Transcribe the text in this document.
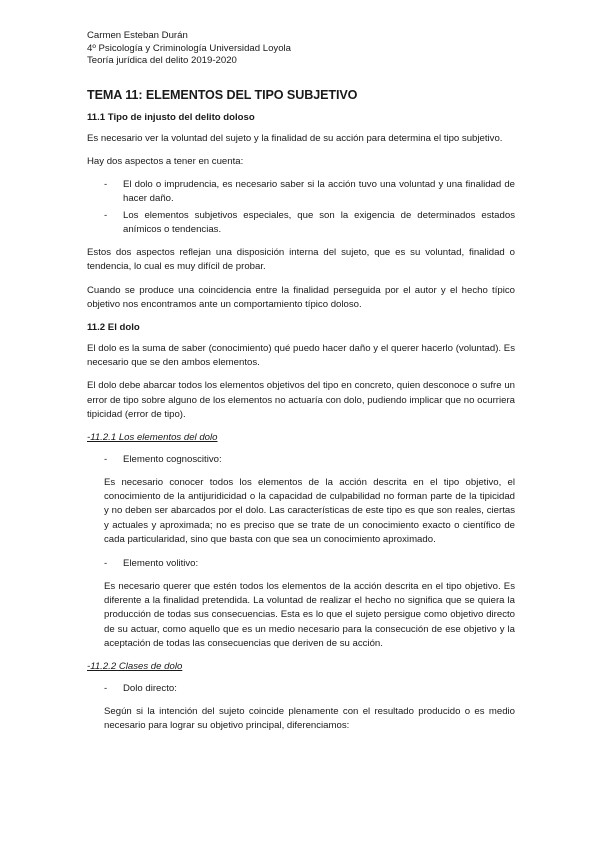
Carmen Esteban Durán
4º Psicología y Criminología Universidad Loyola
Teoría jurídica del delito 2019-2020
TEMA 11: ELEMENTOS DEL TIPO SUBJETIVO
11.1 Tipo de injusto del delito doloso

Es necesario ver la voluntad del sujeto y la finalidad de su acción para determina el tipo subjetivo.

Hay dos aspectos a tener en cuenta:

- El dolo o imprudencia, es necesario saber si la acción tuvo una voluntad y una finalidad de hacer daño.
- Los elementos subjetivos especiales, que son la exigencia de determinados estados anímicos o tendencias.

Estos dos aspectos reflejan una disposición interna del sujeto, que es su voluntad, finalidad o tendencia, lo cual es muy difícil de probar.

Cuando se produce una coincidencia entre la finalidad perseguida por el autor y el hecho típico objetivo nos encontramos ante un comportamiento típico doloso.

11.2 El dolo

El dolo es la suma de saber (conocimiento) qué puedo hacer daño y el querer hacerlo (voluntad). Es necesario que se den ambos elementos.

El dolo debe abarcar todos los elementos objetivos del tipo en concreto, quien desconoce o sufre un error de tipo sobre alguno de los elementos no actuaría con dolo, pudiendo implicar que no ocurriera tipicidad (error de tipo).

-11.2.1 Los elementos del dolo
- Elemento cognoscitivo:

Es necesario conocer todos los elementos de la acción descrita en el tipo objetivo, el conocimiento de la antijuridicidad o la capacidad de culpabilidad no forman parte de la tipicidad y no deben ser abarcados por el dolo. Las características de este tipo es que son reales, ciertas y actuales y aproximada; no es preciso que se trate de un conocimiento exacto o científico de cada particularidad, sino que basta con que sea un conocimiento aproximado.

- Elemento volitivo:

Es necesario querer que estén todos los elementos de la acción descrita en el tipo objetivo. Es diferente a la finalidad pretendida. La voluntad de realizar el hecho no significa que se quiera la producción de todas sus consecuencias. Esta es lo que el sujeto persigue como objetivo directo de su actuar, como aquello que es un medio necesario para la consecución de ese objetivo y la aceptación de todas las consecuencias que deriven de su acción.

-11.2.2 Clases de dolo
- Dolo directo:

Según si la intención del sujeto coincide plenamente con el resultado producido o es medio necesario para lograr su objetivo principal, diferenciamos:
